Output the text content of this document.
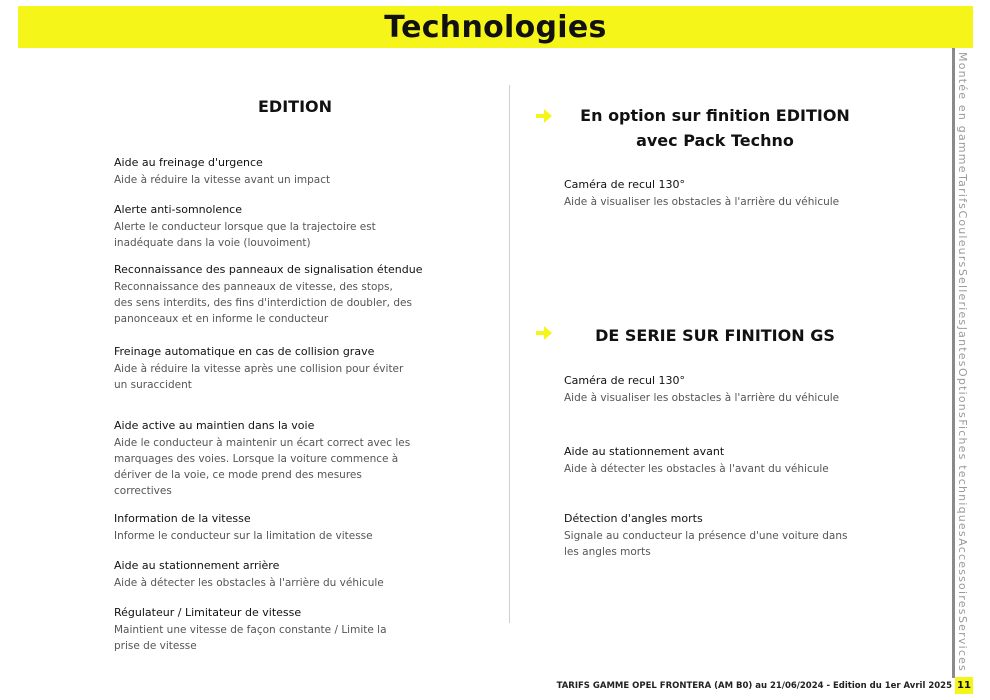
Technologies
EDITION
Aide au freinage d'urgence
Aide à réduire la vitesse avant un impact
Alerte anti-somnolence
Alerte le conducteur lorsque que la trajectoire est inadéquate dans la voie (louvoiment)
Reconnaissance des panneaux de signalisation étendue
Reconnaissance des panneaux de vitesse, des stops, des sens interdits, des fins d'interdiction de doubler, des panonceaux et en informe le conducteur
Freinage automatique en cas de collision grave
Aide à réduire la vitesse après une collision pour éviter un suraccident
Aide active au maintien dans la voie
Aide le conducteur à maintenir un écart correct avec les marquages des voies. Lorsque la voiture commence à dériver de la voie, ce mode prend des mesures correctives
Information de la vitesse
Informe le conducteur sur la limitation de vitesse
Aide au stationnement arrière
Aide à détecter les obstacles à l'arrière du véhicule
Régulateur / Limitateur de vitesse
Maintient une vitesse de façon constante / Limite la prise de vitesse
En option sur finition EDITION
avec Pack Techno
Caméra de recul 130°
Aide à visualiser les obstacles à l'arrière du véhicule
DE SERIE SUR FINITION GS
Caméra de recul 130°
Aide à visualiser les obstacles à l'arrière du véhicule
Aide au stationnement avant
Aide à détecter les obstacles à l'avant du véhicule
Détection d'angles morts
Signale au conducteur la présence d'une voiture dans les angles morts
Montée en gamme
Tarifs
Couleurs
Selleries
Jantes
Options
Fiches techniques
Accessoires
Services
TARIFS GAMME OPEL FRONTERA (AM B0) au 21/06/2024 - Edition du 1er Avril 2025 11
